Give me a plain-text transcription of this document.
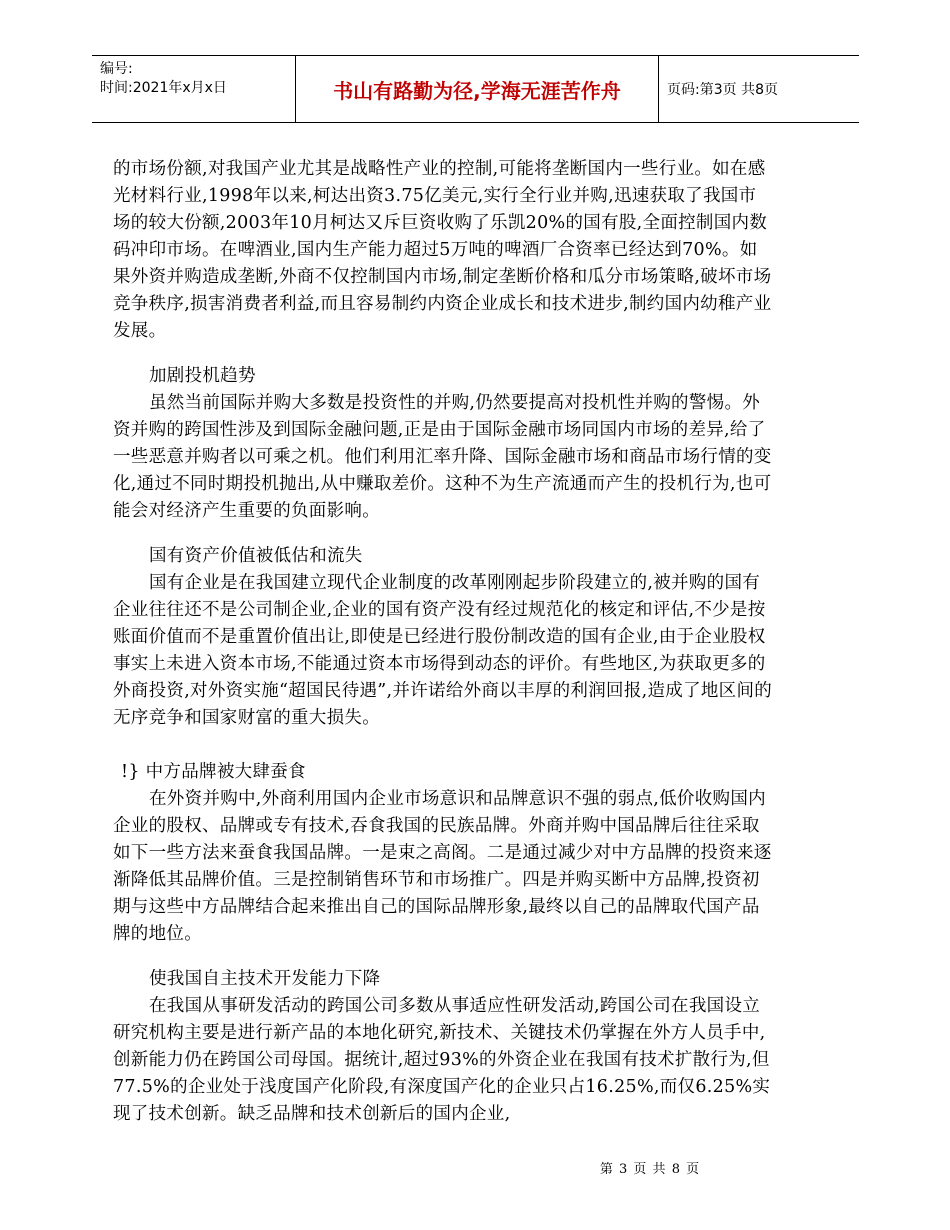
编号:
时间:2021年x月x日	书山有路勤为径,学海无涯苦作舟	页码:第3页 共8页

的市场份额,对我国产业尤其是战略性产业的控制,可能将垄断国内一些行业。如在感光材料行业,1998年以来,柯达出资3.75亿美元,实行全行业并购,迅速获取了我国市场的较大份额,2003年10月柯达又斥巨资收购了乐凯20%的国有股,全面控制国内数码冲印市场。在啤酒业,国内生产能力超过5万吨的啤酒厂合资率已经达到70%。如果外资并购造成垄断,外商不仅控制国内市场,制定垄断价格和瓜分市场策略,破坏市场竞争秩序,损害消费者利益,而且容易制约内资企业成长和技术进步,制约国内幼稚产业发展。

加剧投机趋势

虽然当前国际并购大多数是投资性的并购,仍然要提高对投机性并购的警惕。外资并购的跨国性涉及到国际金融问题,正是由于国际金融市场同国内市场的差异,给了一些恶意并购者以可乘之机。他们利用汇率升降、国际金融市场和商品市场行情的变化,通过不同时期投机抛出,从中赚取差价。这种不为生产流通而产生的投机行为,也可能会对经济产生重要的负面影响。

国有资产价值被低估和流失

国有企业是在我国建立现代企业制度的改革刚刚起步阶段建立的,被并购的国有企业往往还不是公司制企业,企业的国有资产没有经过规范化的核定和评估,不少是按账面价值而不是重置价值出让,即使是已经进行股份制改造的国有企业,由于企业股权事实上未进入资本市场,不能通过资本市场得到动态的评价。有些地区,为获取更多的外商投资,对外资实施“超国民待遇”,并许诺给外商以丰厚的利润回报,造成了地区间的无序竞争和国家财富的重大损失。

!} 中方品牌被大肆蚕食

在外资并购中,外商利用国内企业市场意识和品牌意识不强的弱点,低价收购国内企业的股权、品牌或专有技术,吞食我国的民族品牌。外商并购中国品牌后往往采取如下一些方法来蚕食我国品牌。一是束之高阁。二是通过减少对中方品牌的投资来逐渐降低其品牌价值。三是控制销售环节和市场推广。四是并购买断中方品牌,投资初期与这些中方品牌结合起来推出自己的国际品牌形象,最终以自己的品牌取代国产品牌的地位。

使我国自主技术开发能力下降

在我国从事研发活动的跨国公司多数从事适应性研发活动,跨国公司在我国设立研究机构主要是进行新产品的本地化研究,新技术、关键技术仍掌握在外方人员手中,创新能力仍在跨国公司母国。据统计,超过93%的外资企业在我国有技术扩散行为,但77.5%的企业处于浅度国产化阶段,有深度国产化的企业只占16.25%,而仅6.25%实现了技术创新。缺乏品牌和技术创新后的国内企业,

第 3 页 共 8 页
